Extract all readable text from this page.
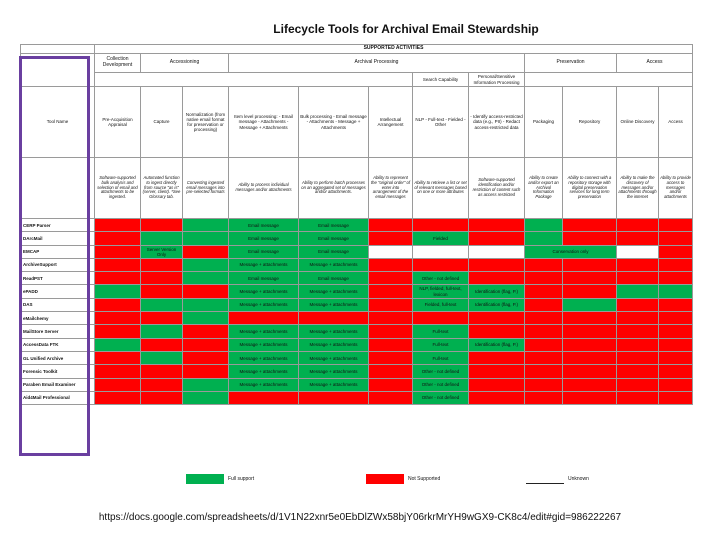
Lifecycle Tools for Archival Email Stewardship
	SUPPORTED ACTIVITIES											
	Collection Development	Accessioning		Archival Processing					Preservation		Access	
							Search Capability	Personal/Sensitive Information Processing				
Tool Name	Pre-Acquisition Appraisal	Capture	Normalization (from native email format for preservation or processing)	Item level processing: - Email message - Attachments - Message + Attachments	Bulk processing - Email message - Attachments - Message + Attachments	Intellectual Arrangement	NLP - Full-text - Fielded - Other	- Identify access-restricted data (e.g., PII) - Redact access-restricted data	Packaging	Repository	Online Discovery	Access
	Software-supported bulk analysis and selection of email and attachments to be ingested.	Automated function to ingest directly from source "as is" (server, client). *See Glossary tab.	Converting ingested email messages into pre-selected formats	Ability to process individual messages and/or attachments	Ability to perform batch processes on an aggregated set of messages and/or attachments.	Ability to represent the "original order" of enter into arrangement of the email messages	Ability to retrieve a list or set of relevant messages based on one or more attributes	Software-supported identification and/or restriction of content such as access restricted	Ability to create and/or export an Archival Information Package	Ability to connect with a repository storage with digital preservation services for long term preservation	Ability to make the discovery of messages and/or attachments through the internet	Ability to provide access to messages and/or attachments
CERP Parser				Email message	Email message							
DArcMail				Email message	Email message		Fielded					
EMCAP		Server Version Only		Email message	Email message				Conservation only			
ArchiveSupport				Message + attachments	Message + attachments							
ReadPST				Email message	Email message		Other - not defined					
ePADD				Message + attachments	Message + attachments		NLP, fielded, full-text, lexicon	Identification (flag, P.)				
DAS				Message + attachments	Message + attachments		Fielded, full-text	Identification (flag, P.)				
eMailchemy												
MailStore Server				Message + attachments	Message + attachments		Full-text					
AccessData FTK				Message + attachments	Message + attachments		Full-text	Identification (flag, P.)				
GL Unified Archive				Message + attachments	Message + attachments		Full-text					
Forensic Toolkit				Message + attachments	Message + attachments		Other - not defined					
Paraben Email Examiner				Message + attachments	Message + attachments		Other - not defined					
Aid4Mail Professional							Other - not defined					
Full support	Not Supported	Unknown
https://docs.google.com/spreadsheets/d/1V1N22xnr5e0EbDlZWx58bjY06rkrMrYH9wGX9-CK8c4/edit#gid=986222267
